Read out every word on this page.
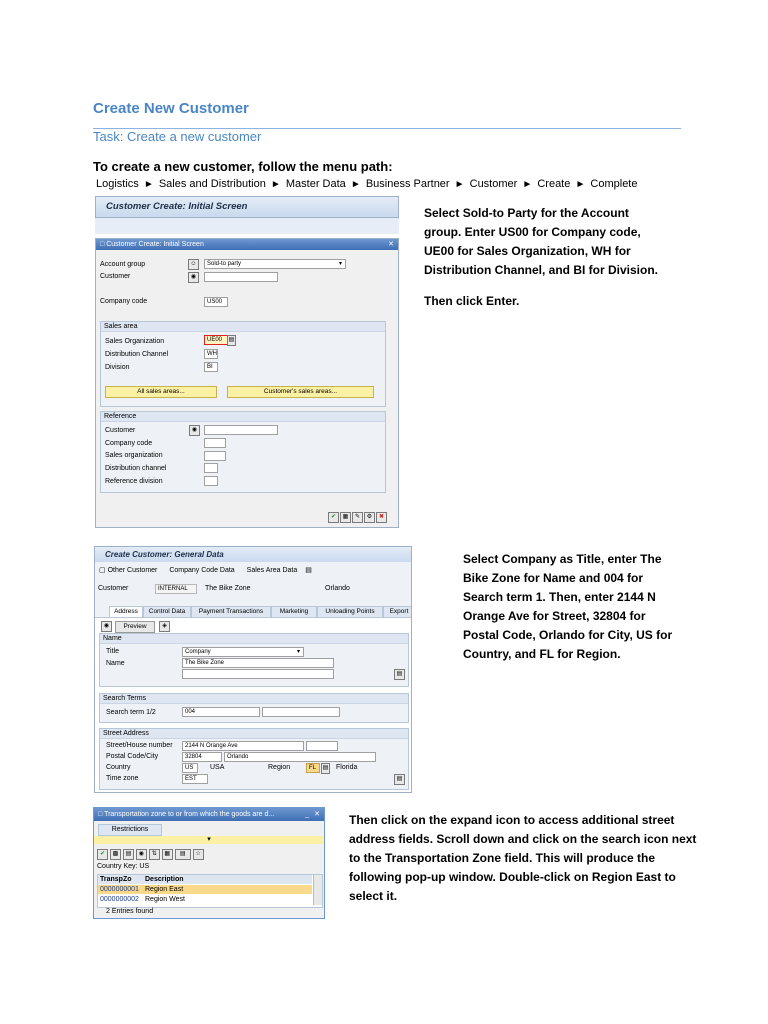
Create New Customer
Task: Create a new customer
To create a new customer, follow the menu path:
Logistics ► Sales and Distribution ► Master Data ► Business Partner ► Customer ► Create ► Complete

Select Sold-to Party for the Account group. Enter US00 for Company code, UE00 for Sales Organization, WH for Distribution Channel, and BI for Division.

Then click Enter.

Select Company as Title, enter The Bike Zone for Name and 004 for Search term 1. Then, enter 2144 N Orange Ave for Street, 32804 for Postal Code, Orlando for City, US for Country, and FL for Region.

Then click on the expand icon to access additional street address fields. Scroll down and click on the search icon next to the Transportation Zone field. This will produce the following pop-up window. Double-click on Region East to select it.

Customer Create: Initial Screen
□ Customer Create: Initial Screen	✕
Account group	☺	Sold-to party	▾
Customer	◉
Company code	US00
Sales area
Sales Organization	UE00	▤
Distribution Channel	WH
Division	BI
All sales areas...	Customer's sales areas...
Reference
Customer	◉
Company code
Sales organization
Distribution channel
Reference division
✔	▦	✎	⚙	✖
Create Customer: General Data
▢ Other Customer Company Code Data Sales Area Data ▤
Customer	INTERNAL	The Bike Zone	Orlando
Address	Control Data	Payment Transactions	Marketing	Unloading Points	Export
◉	Preview	◈
Name
Title	Company	▾
Name	The Bike Zone
▤
Search Terms
Search term 1/2	004
Street Address
Street/House number	2144 N Orange Ave
Postal Code/City	32804	Orlando
Country	US	USA	Region	FL	▤ Florida
Time zone	EST	▤
□ Transportation zone to or from which the goods are d...	_ ✕
Restrictions
▾
✔ ▩ ▤ ◉ ⇅ ▦ ▤ ☆
Country Key: US
TranspZo Description
0000000001 Region East
0000000002 Region West
2 Entries found
